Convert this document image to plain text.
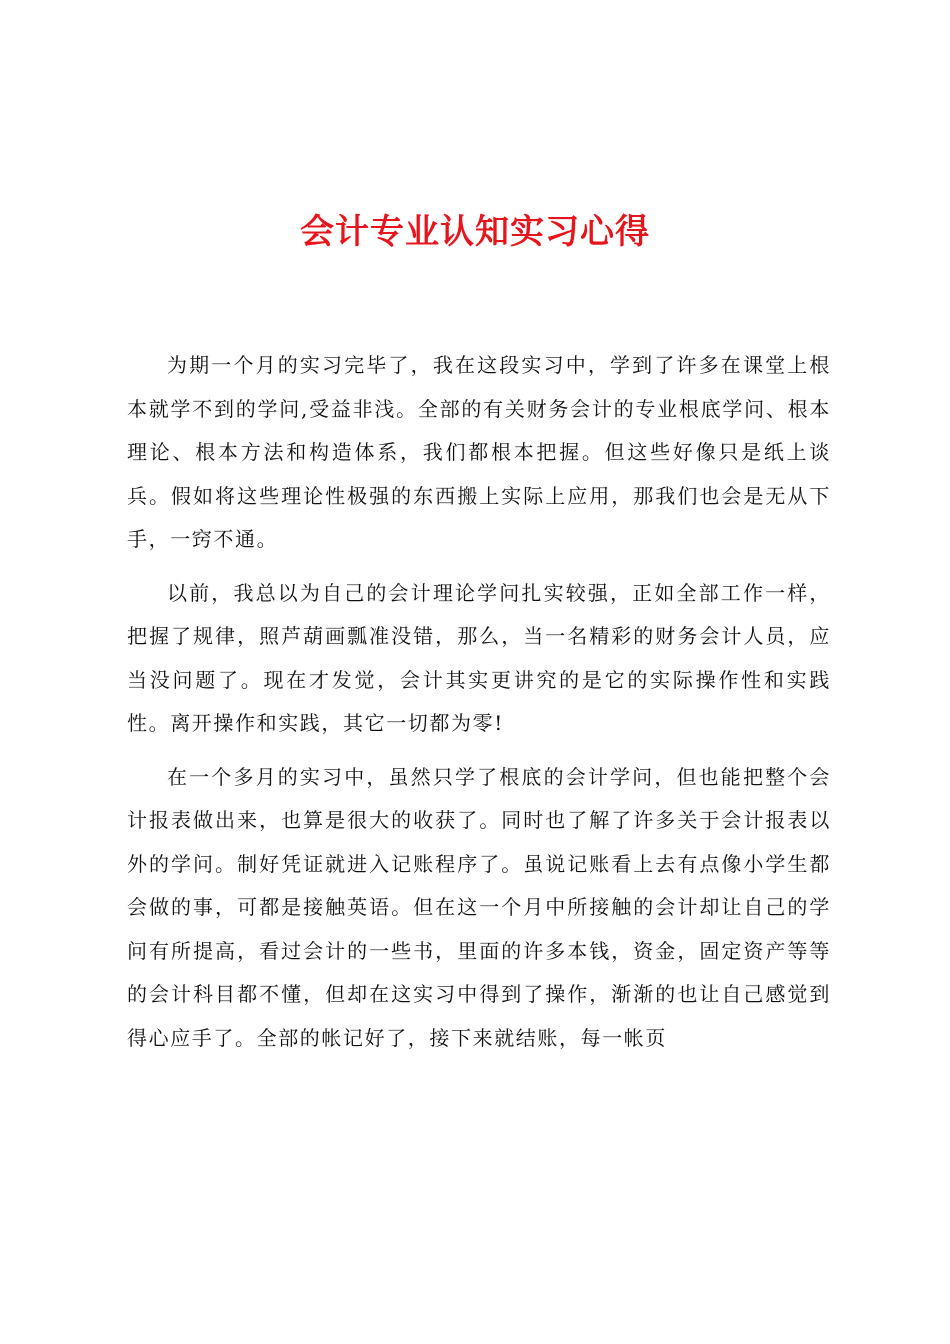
会计专业认知实习心得

为期一个月的实习完毕了，我在这段实习中，学到了许多在课堂上根本就学不到的学问,受益非浅。全部的有关财务会计的专业根底学问、根本理论、根本方法和构造体系，我们都根本把握。但这些好像只是纸上谈兵。假如将这些理论性极强的东西搬上实际上应用，那我们也会是无从下手，一窍不通。

以前，我总以为自己的会计理论学问扎实较强，正如全部工作一样，把握了规律，照芦葫画瓢准没错，那么，当一名精彩的财务会计人员，应当没问题了。现在才发觉，会计其实更讲究的是它的实际操作性和实践性。离开操作和实践，其它一切都为零!

在一个多月的实习中，虽然只学了根底的会计学问，但也能把整个会计报表做出来，也算是很大的收获了。同时也了解了许多关于会计报表以外的学问。制好凭证就进入记账程序了。虽说记账看上去有点像小学生都会做的事，可都是接触英语。但在这一个月中所接触的会计却让自己的学问有所提高，看过会计的一些书，里面的许多本钱，资金，固定资产等等的会计科目都不懂，但却在这实习中得到了操作，渐渐的也让自己感觉到得心应手了。全部的帐记好了，接下来就结账，每一帐页
